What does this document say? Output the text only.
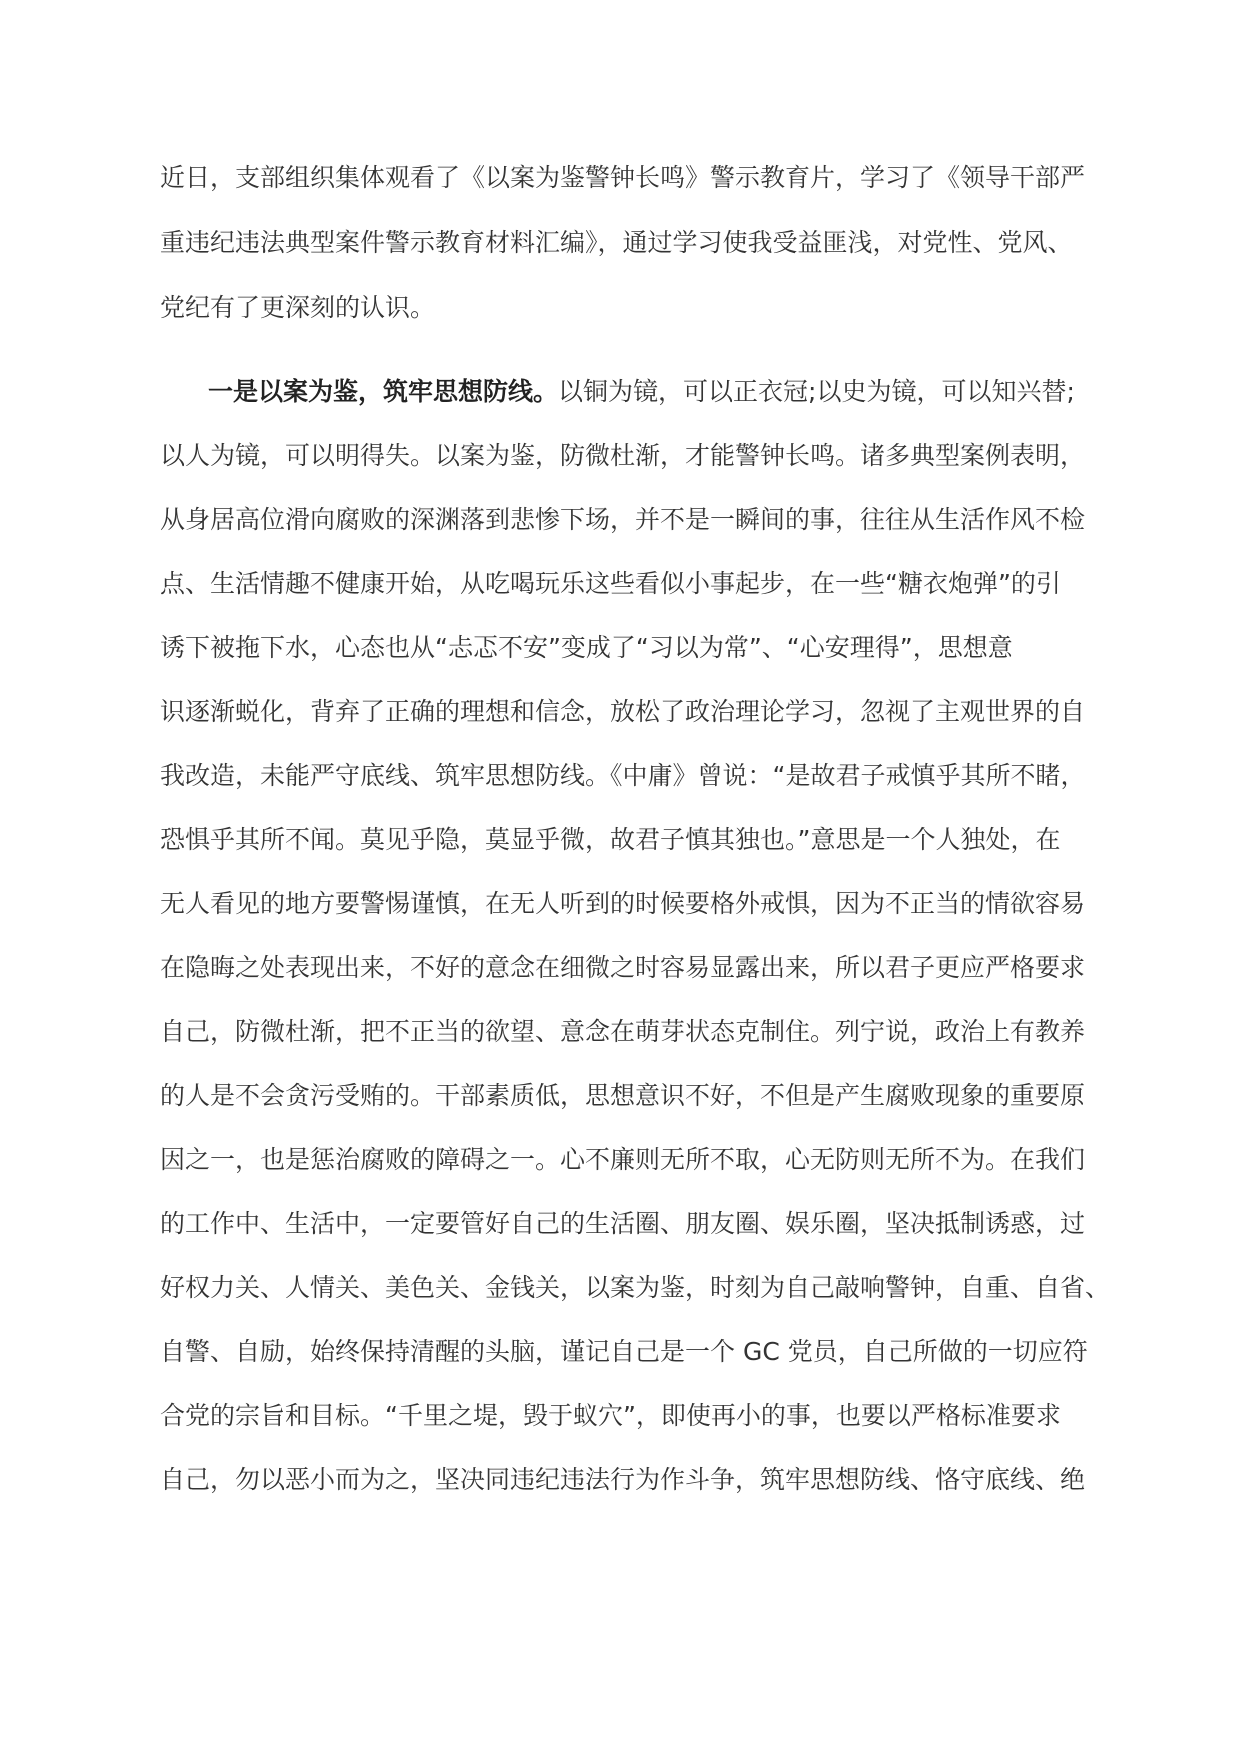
近日，支部组织集体观看了《以案为鉴警钟长鸣》警示教育片，学习了《领导干部严
重违纪违法典型案件警示教育材料汇编》，通过学习使我受益匪浅，对党性、党风、
党纪有了更深刻的认识。
一是以案为鉴，筑牢思想防线。以铜为镜，可以正衣冠;以史为镜，可以知兴替;
以人为镜，可以明得失。以案为鉴，防微杜渐，才能警钟长鸣。诸多典型案例表明，
从身居高位滑向腐败的深渊落到悲惨下场，并不是一瞬间的事，往往从生活作风不检
点、生活情趣不健康开始，从吃喝玩乐这些看似小事起步，在一些“糖衣炮弹”的引
诱下被拖下水，心态也从“忐忑不安”变成了“习以为常”、“心安理得”，思想意
识逐渐蜕化，背弃了正确的理想和信念，放松了政治理论学习，忽视了主观世界的自
我改造，未能严守底线、筑牢思想防线。《中庸》曾说：“是故君子戒慎乎其所不睹，
恐惧乎其所不闻。莫见乎隐，莫显乎微，故君子慎其独也。”意思是一个人独处，在
无人看见的地方要警惕谨慎，在无人听到的时候要格外戒惧，因为不正当的情欲容易
在隐晦之处表现出来，不好的意念在细微之时容易显露出来，所以君子更应严格要求
自己，防微杜渐，把不正当的欲望、意念在萌芽状态克制住。列宁说，政治上有教养
的人是不会贪污受贿的。干部素质低，思想意识不好，不但是产生腐败现象的重要原
因之一，也是惩治腐败的障碍之一。心不廉则无所不取，心无防则无所不为。在我们
的工作中、生活中，一定要管好自己的生活圈、朋友圈、娱乐圈，坚决抵制诱惑，过
好权力关、人情关、美色关、金钱关，以案为鉴，时刻为自己敲响警钟，自重、自省、
自警、自励，始终保持清醒的头脑，谨记自己是一个 GC 党员，自己所做的一切应符
合党的宗旨和目标。“千里之堤，毁于蚁穴”，即使再小的事，也要以严格标准要求
自己，勿以恶小而为之，坚决同违纪违法行为作斗争，筑牢思想防线、恪守底线、绝
